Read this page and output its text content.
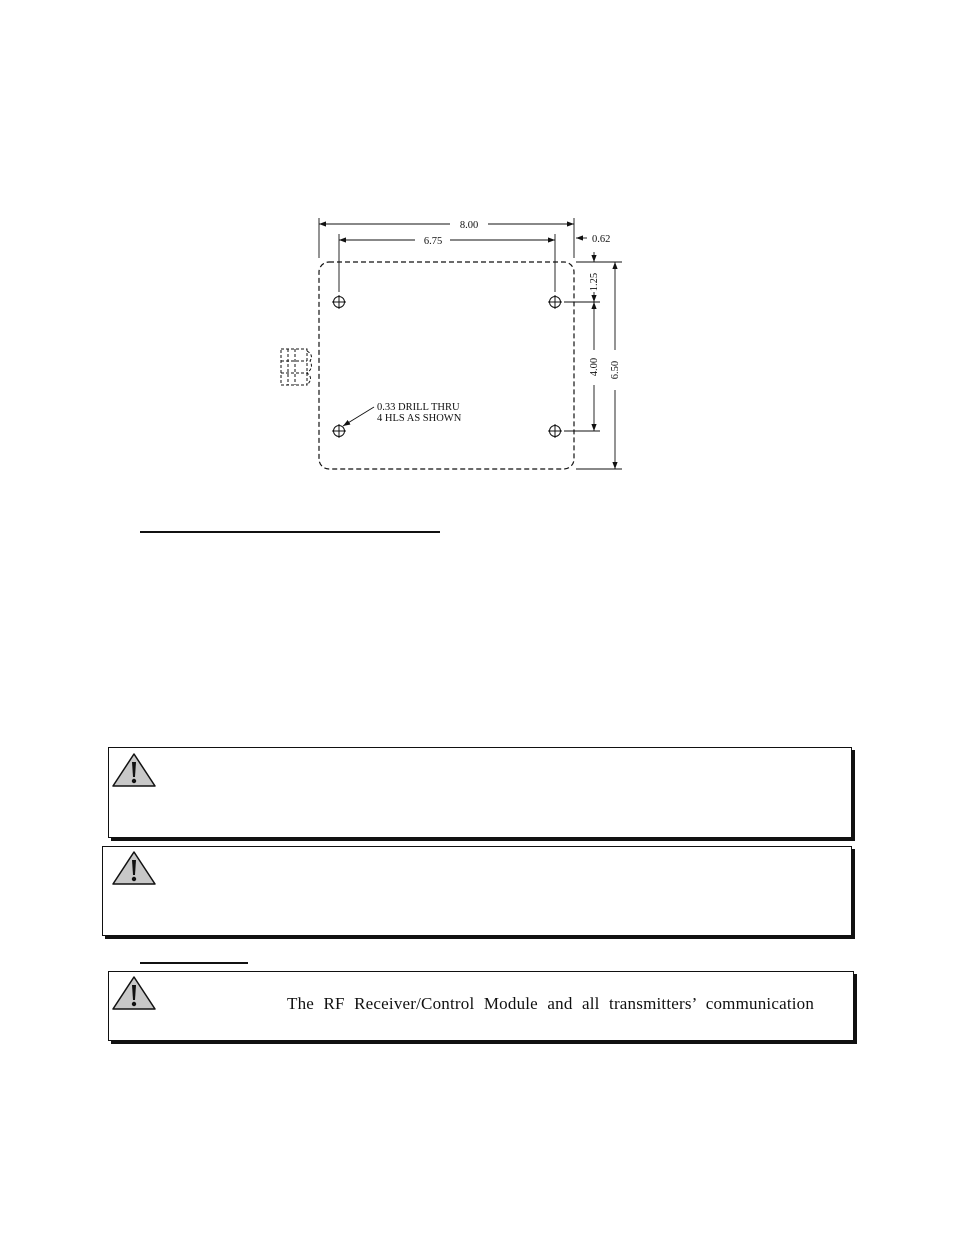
8.00
6.75	0.62
1.25
4.00 6.50
0.33 DRILL THRU
4 HLS AS SHOWN
The RF Receiver/Control Module and all transmitters’ communication
